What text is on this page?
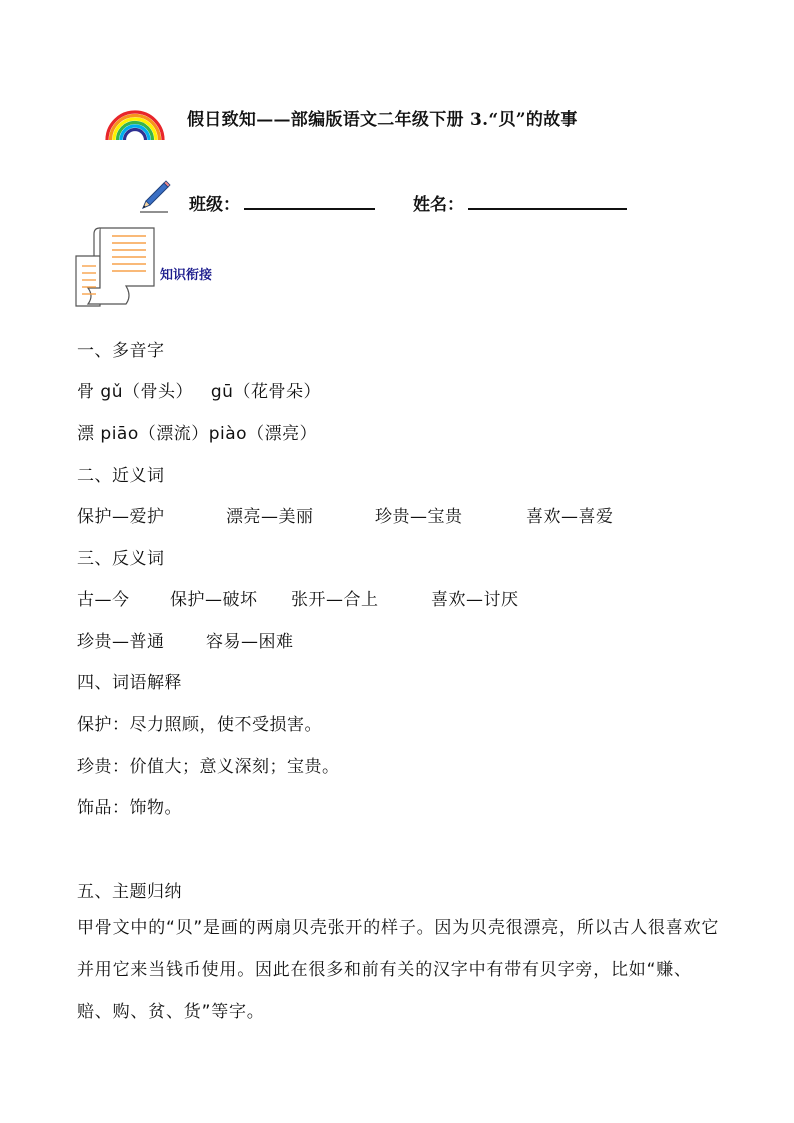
假日致知——部编版语文二年级下册 3.“贝”的故事
班级：	姓名：
知识衔接
一、多音字
骨 gǔ（骨头） gū（花骨朵）
漂 piāo（漂流）piào（漂亮）
二、近义词
保护—爱护	漂亮—美丽	珍贵—宝贵	喜欢—喜爱
三、反义词
古—今 保护—破坏 张开—合上	喜欢—讨厌
珍贵—普通 容易—困难
四、词语解释
保护：尽力照顾，使不受损害。
珍贵：价值大；意义深刻；宝贵。
饰品：饰物。
五、主题归纳
甲骨文中的“贝”是画的两扇贝壳张开的样子。因为贝壳很漂亮，所以古人很喜欢它并用它来当钱币使用。因此在很多和前有关的汉字中有带有贝字旁，比如“赚、赔、购、贫、货”等字。
